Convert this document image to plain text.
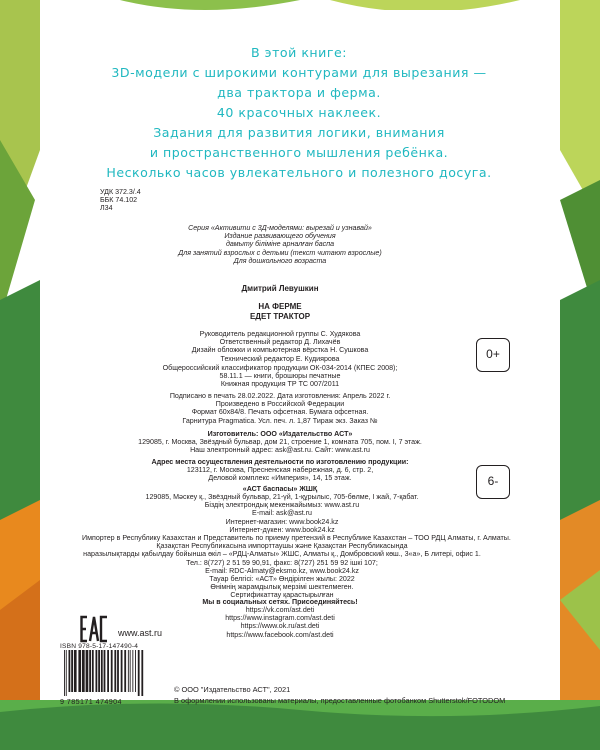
В этой книге:
3D-модели с широкими контурами для вырезания —
два трактора и ферма.
40 красочных наклеек.
Задания для развития логики, внимания
и пространственного мышления ребёнка.
Несколько часов увлекательного и полезного досуга.
УДК 372.3/.4
ББК 74.102
Л34
Серия «Активити с 3Д-моделями: вырезай и узнавай»
Издание развивающего обучения
дамыту біліміне арналған баспа
Для занятий взрослых с детьми (текст читают взрослые)
Для дошкольного возраста
Дмитрий Левушкин
НА ФЕРМЕ
ЕДЕТ ТРАКТОР
Руководитель редакционной группы С. Худякова
Ответственный редактор Д. Лихачёв
Дизайн обложки и компьютерная вёрстка Н. Сушкова
Технический редактор Е. Кудиярова
Общероссийский классификатор продукции ОК-034-2014 (КПЕС 2008);
58.11.1 — книги, брошюры печатные
Книжная продукция ТР ТС 007/2011
Подписано в печать 28.02.2022. Дата изготовления: Апрель 2022 г.
Произведено в Российской Федерации
Формат 60x84/8. Печать офсетная. Бумага офсетная.
Гарнитура Pragmatica. Усл. печ. л. 1,87 Тираж экз. Заказ №
Изготовитель: ООО «Издательство АСТ»
129085, г. Москва, Звёздный бульвар, дом 21, строение 1, комната 705, пом. I, 7 этаж.
Наш электронный адрес: ask@ast.ru. Сайт: www.ast.ru
Адрес места осуществления деятельности по изготовлению продукции:
123112, г. Москва, Пресненская набережная, д. 6, стр. 2,
Деловой комплекс «Империя», 14, 15 этаж.
«АСТ баспасы» ЖШҚ
129085, Мәскеу қ., Звёздный бульвар, 21-үй, 1-құрылыс, 705-бөлме, I жай, 7-қабат.
Біздің электрондық мекенжайымыз: www.ast.ru
E-mail: ask@ast.ru
Интернет-магазин: www.book24.kz
Интернет-дүкен: www.book24.kz
Импортер в Республику Казахстан и Представитель по приему претензий в Республике Казахстан – ТОО РДЦ Алматы, г. Алматы.
Қазақстан Республикасына импорттаушы және Қазақстан Республикасында
наразылықтарды қабылдау бойынша өкіл – «РДЦ-Алматы» ЖШС, Алматы қ., Домбровский көш., 3«а», Б литері, офис 1.
Тел.: 8(727) 2 51 59 90,91, факс: 8(727) 251 59 92 ішкі 107;
E-mail: RDC-Almaty@eksmo.kz, www.book24.kz
Тауар белгісі: «АСТ» Өндірілген жылы: 2022
Өнімнің жарамдылық мерзімі шектелмеген.
Сертификаттау қарастырылған
Мы в социальных сетях. Присоединяйтесь!
https://vk.com/ast.deti
https://www.instagram.com/ast.deti
https://www.ok.ru/ast.deti
https://www.facebook.com/ast.deti
0+
6-
www.ast.ru
ISBN 978-5-17-147490-4
9 785171 474904
© ООО "Издательство АСТ", 2021
В оформлении использованы материалы, предоставленные фотобанком Shutterstok/FOTODOM
